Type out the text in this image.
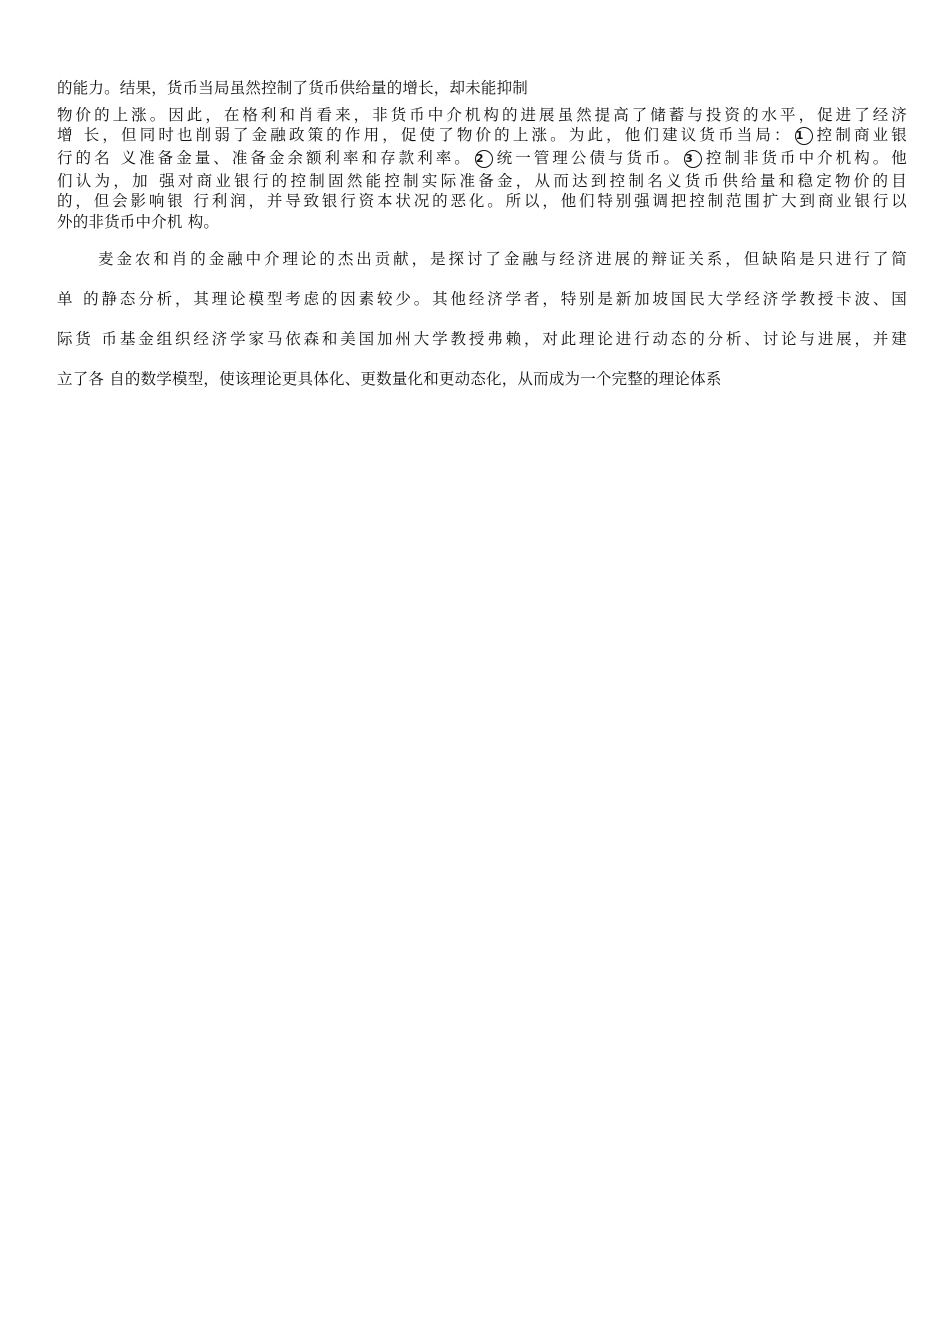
的能力。结果，货币当局虽然控制了货币供给量的增长，却未能抑制
物价的上涨。因此，在格利和肖看来，非货币中介机构的进展虽然提高了储蓄与投资的水平，促进了经济
增 长，但同时也削弱了金融政策的作用，促使了物价的上涨。为此，他们建议货币当局： 1 控制商业银
行的名 义准备金量、准备金余额利率和存款利率。 2 统一管理公债与货币。 3 控制非货币中介机构。他
们认为，加 强对商业银行的控制固然能控制实际准备金，从而达到控制名义货币供给量和稳定物价的目
的，但会影响银 行利润，并导致银行资本状况的恶化。所以，他们特别强调把控制范围扩大到商业银行以
外的非货币中介机 构。
麦金农和肖的金融中介理论的杰出贡献，是探讨了金融与经济进展的辩证关系，但缺陷是只进行了简
单 的静态分析，其理论模型考虑的因素较少。其他经济学者，特别是新加坡国民大学经济学教授卡波、国
际货 币基金组织经济学家马依森和美国加州大学教授弗赖，对此理论进行动态的分析、讨论与进展，并建
立了各 自的数学模型，使该理论更具体化、更数量化和更动态化，从而成为一个完整的理论体系
